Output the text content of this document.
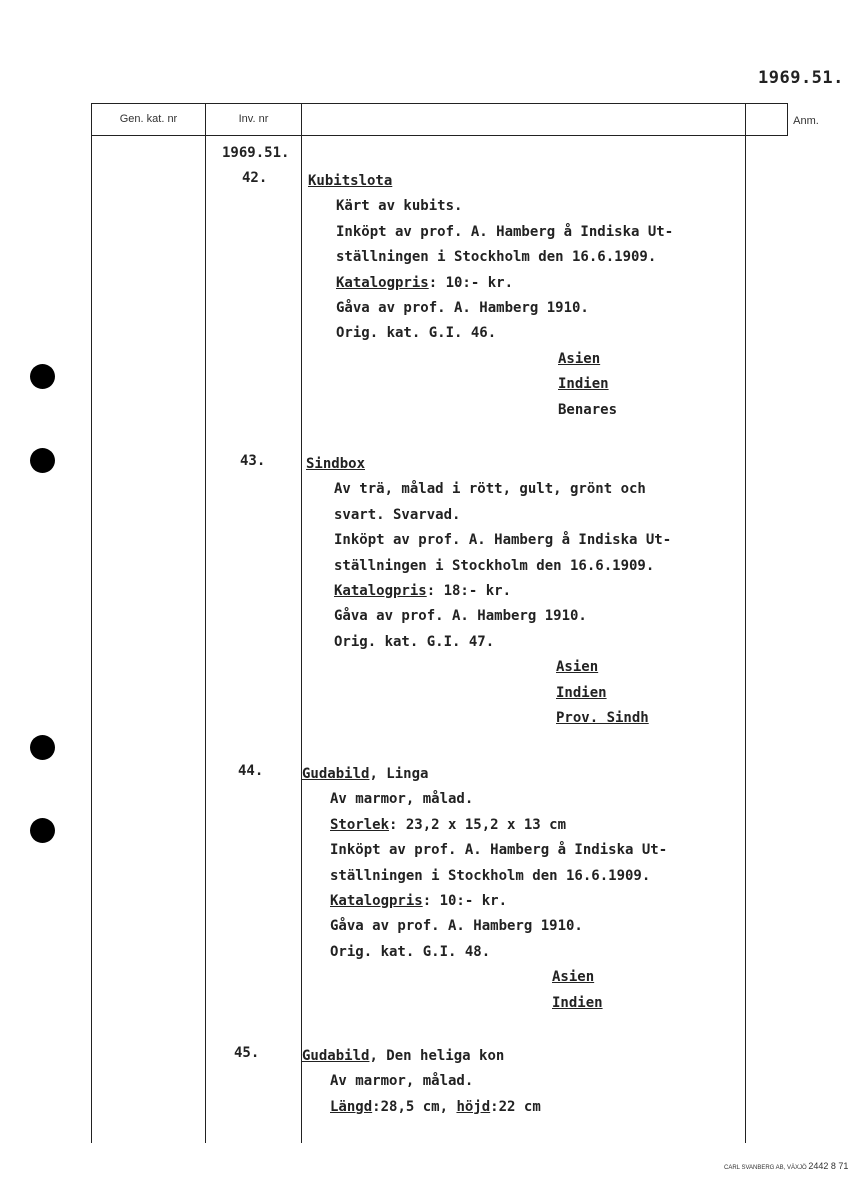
1969.51.
Gen. kat. nr	Inv. nr	Anm.
1969.51.
42.
43.
44.
45.
Kubitslota
Kärt av kubits.
Inköpt av prof. A. Hamberg å Indiska Ut-
ställningen i Stockholm den 16.6.1909.
Katalogpris: 10:- kr.
Gåva av prof. A. Hamberg 1910.
Orig. kat. G.I. 46.
Asien
Indien
Benares
Sindbox
Av trä, målad i rött, gult, grönt och
svart. Svarvad.
Inköpt av prof. A. Hamberg å Indiska Ut-
ställningen i Stockholm den 16.6.1909.
Katalogpris: 18:- kr.
Gåva av prof. A. Hamberg 1910.
Orig. kat. G.I. 47.
Asien
Indien
Prov. Sindh
Gudabild, Linga
Av marmor, målad.
Storlek: 23,2 x 15,2 x 13 cm
Inköpt av prof. A. Hamberg å Indiska Ut-
ställningen i Stockholm den 16.6.1909.
Katalogpris: 10:- kr.
Gåva av prof. A. Hamberg 1910.
Orig. kat. G.I. 48.
Asien
Indien
Gudabild, Den heliga kon
Av marmor, målad.
Längd:28,5 cm, höjd:22 cm
CARL SVANBERG AB, VÄXJÖ 2442 8 71
